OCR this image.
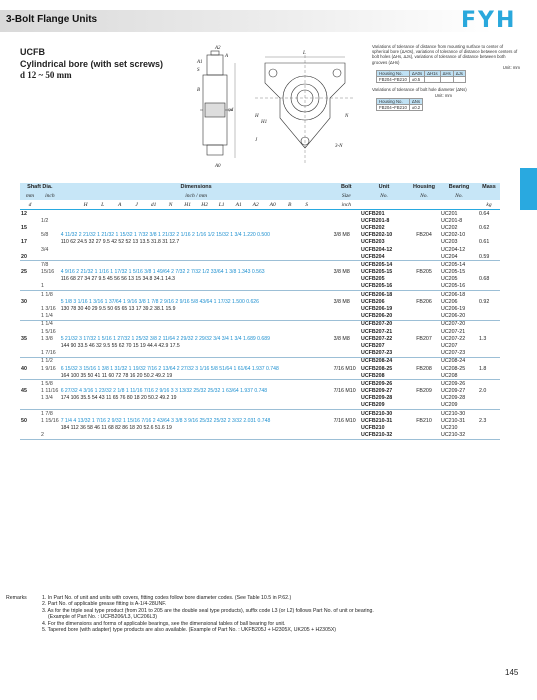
3-Bolt Flange Units	FYH
UCFB
Cylindrical bore (with set screws)
d 12 ~ 50 mm
A2
A
A1
S
B
φd
L
H
H1
J
N
3-N
A0
Variations of tolerance of distance from mounting surface to center of spherical bore (ΔA0s), variations of tolerance of distance between centers of bolt holes (ΔHs, ΔJs), variations of tolerance of distance between both grooves (ΔHs)
Unit: mm
Housing No.	ΔA0s	ΔH1s	ΔHs	ΔJs
FB204~FB210	±0.5			
Variations of tolerance of bolt hole diameter (ΔNs)
Unit: mm
Housing No.	ΔNs
FB204~FB210	±0.2
Shaft Dia.		Dimensions	Bolt	Unit	Housing	Bearing	Mass
mm	inch	inch / mm	Size	No.	No.	No.	
d		H L A J d1 N H1 H2 L1 A1 A2 A0 B S	inch				kg
12				UCFB201		UC201	0.64
	1/2			UCFB201-8		UC201-8	
15				UCFB202		UC202	0.62
	5/8	4 11/32 2 21/32 1 21/32 1 15/32 1 7/32 3/8 1 21/32 2 1/16 2 1/16 1/2 15/32 1 3/4 1.220 0.500	3/8 M8	UCFB202-10	FB204	UC202-10	
17		110 62 24.5 32 27 9.5 42 52 52 13 13.5 31.8 31 12.7		UCFB203		UC203	0.61
	3/4			UCFB204-12		UC204-12	
20				UCFB204		UC204	0.59
	7/8			UCFB205-14		UC205-14	
25	15/16	4 9/16 2 21/32 1 1/16 1 17/32 1 5/16 3/8 1 49/64 2 7/32 2 7/32 1/2 33/64 1 3/8 1.343 0.563	3/8 M8	UCFB205-15	FB205	UC205-15	
		116 68 27 34 27 9.5 45 56 56 13 15 34.8 34.1 14.3		UCFB205		UC205	0.68
	1			UCFB205-16		UC205-16	
	1 1/8			UCFB206-18		UC206-18	
30		5 1/8 3 1/16 1 3/16 1 37/64 1 9/16 3/8 1 7/8 2 9/16 2 9/16 5/8 43/64 1 17/32 1.500 0.626	3/8 M8	UCFB206	FB206	UC206	0.92
	1 3/16	130 78 30 40 29 9.5 50 65 65 13 17 39.2 38.1 15.9		UCFB206-19		UC206-19	
	1 1/4			UCFB206-20		UC206-20	
	1 1/4			UCFB207-20		UC207-20	
	1 5/16			UCFB207-21		UC207-21	
35	1 3/8	5 21/32 3 17/32 1 5/16 1 27/32 1 25/32 3/8 2 11/64 2 29/32 2 29/32 3/4 3/4 1 3/4 1.689 0.689	3/8 M8	UCFB207-22	FB207	UC207-22	1.3
		144 90 33.5 46 32 9.5 55 62 70 15 19 44.4 42.9 17.5		UCFB207		UC207	
	1 7/16			UCFB207-23		UC207-23	
	1 1/2			UCFB208-24		UC208-24	
40	1 9/16	6 15/32 3 15/16 1 3/8 1 31/32 1 19/32 7/16 2 13/64 2 27/32 3 1/16 5/8 51/64 1 61/64 1.937 0.748	7/16 M10	UCFB208-25	FB208	UC208-25	1.8
		164 100 35 50 41 11 60 72 78 16 20 50.2 49.2 19		UCFB208		UC208	
	1 5/8			UCFB209-26		UC209-26	
45	1 11/16	6 27/32 4 3/16 1 23/32 2 1/8 1 11/16 7/16 2 9/16 3 3 13/32 25/32 25/32 1 63/64 1.937 0.748	7/16 M10	UCFB209-27	FB209	UC209-27	2.0
	1 3/4	174 106 35.5 54 43 11 65 76 80 18 20 50.2 49.2 19		UCFB209-28		UC209-28	
				UCFB209		UC209	
	1 7/8			UCFB210-30		UC210-30	
50	1 15/16	7 1/4 4 13/32 1 7/16 2 9/32 1 15/16 7/16 2 43/64 3 3/8 3 9/16 25/32 25/32 2 3/32 2.031 0.748	7/16 M10	UCFB210-31	FB210	UC210-31	2.3
		184 112 36 58 46 11 68 82 86 18 20 52.6 51.6 19		UCFB210		UC210	
	2			UCFB210-32		UC210-32	
Remarks	1. In Part No. of unit and units with covers, fitting codes follow bore diameter codes. (See Table 10.5 in P.62.)
2. Part No. of applicable grease fitting is A-1/4-28UNF.
3. As for the triple seal type product (from 201 to 205 are the double seal type products), suffix code L3 (or L2) follows Part No. of unit or bearing.
(Example of Part No. : UCFB206/L3, UC206L3)
4. For the dimensions and forms of applicable bearings, see the dimensional tables of ball bearing for unit.
5. Tapered bore (with adapter) type products are also available. (Example of Part No. : UKFB205J + H2305X, UK205 + H2305X)
145
